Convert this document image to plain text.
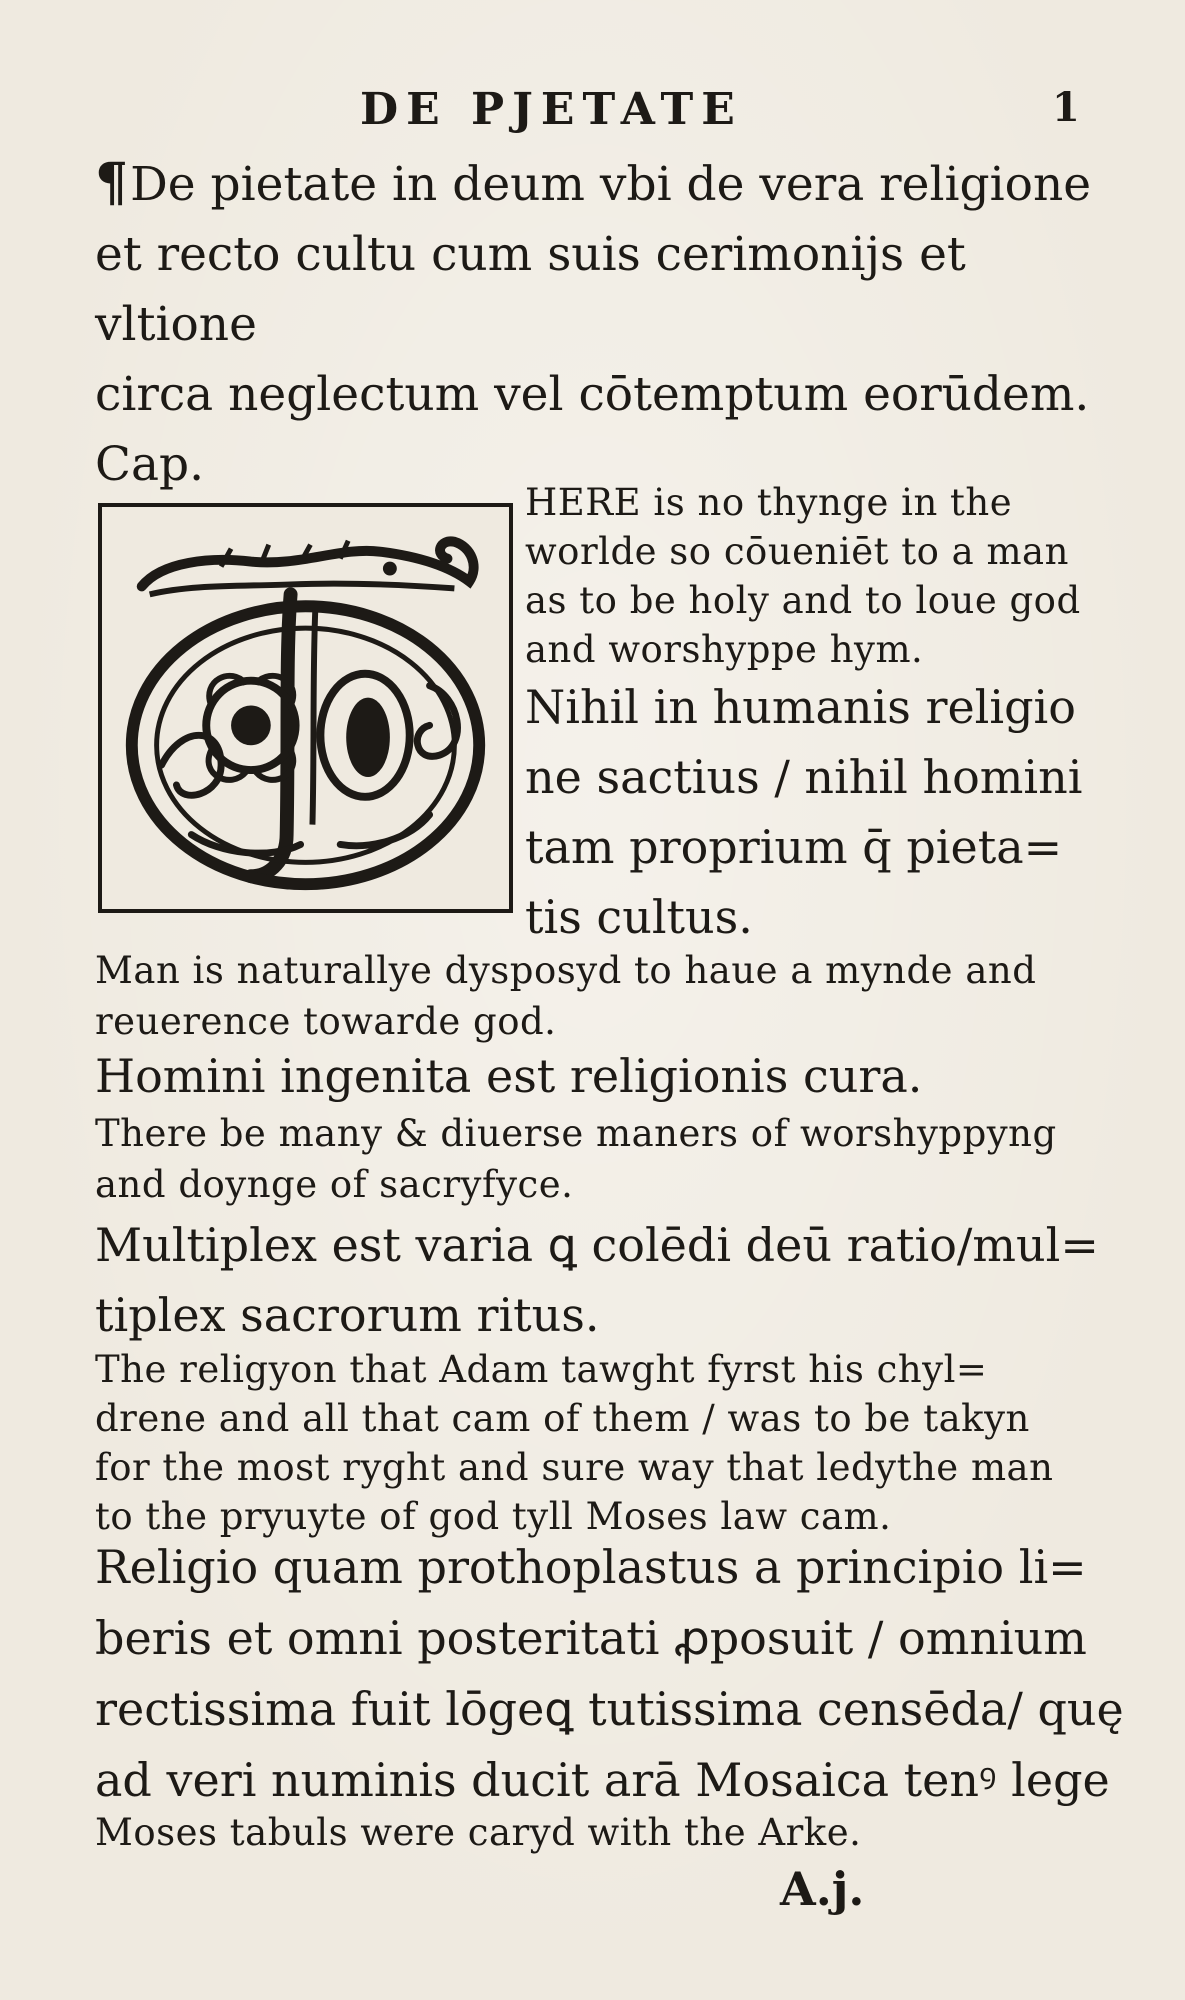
DE PJETATE	1
¶De pietate in deum vbi de vera religione
et recto cultu cum suis cerimonijs et vltione
circa neglectum vel cōtemptum eorūdem.
Cap.
HERE is no thynge in the
worlde so cōueniēt to a man
as to be holy and to loue god
and worshyppe hym.
Nihil in humanis religio
ne sactius / nihil homini
tam proprium q̄ pieta=
tis cultus.
Man is naturallye dysposyd to haue a mynde and
reuerence towarde god.
Homini ingenita est religionis cura.
There be many & diuerse maners of worshyppyng
and doynge of sacryfyce.
Multiplex est varia ꝗ colēdi deū ratio/mul=
tiplex sacrorum ritus.
The religyon that Adam tawght fyrst his chyl=
drene and all that cam of them / was to be takyn
for the most ryght and sure way that ledythe man
to the pryuyte of god tyll Moses law cam.
Religio quam prothoplastus a principio li=
beris et omni posteritati ꝓposuit / omnium
rectissima fuit lōgeꝗ tutissima censēda/ quę
ad veri numinis ducit arā Mosaica tenꝰ lege
Moses tabuls were caryd with the Arke.
A.j.
